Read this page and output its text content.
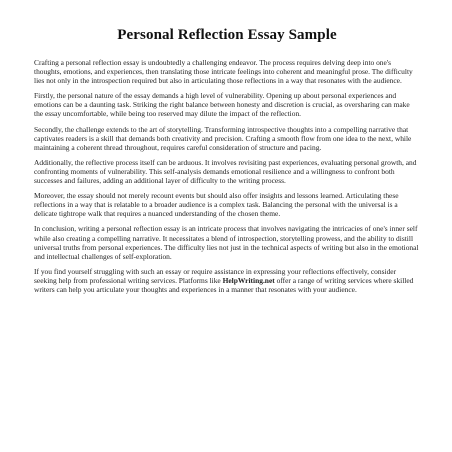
Personal Reflection Essay Sample

Crafting a personal reflection essay is undoubtedly a challenging endeavor. The process requires delving deep into one's thoughts, emotions, and experiences, then translating those intricate feelings into coherent and meaningful prose. The difficulty lies not only in the introspection required but also in articulating those reflections in a way that resonates with the audience.

Firstly, the personal nature of the essay demands a high level of vulnerability. Opening up about personal experiences and emotions can be a daunting task. Striking the right balance between honesty and discretion is crucial, as oversharing can make the essay uncomfortable, while being too reserved may dilute the impact of the reflection.

Secondly, the challenge extends to the art of storytelling. Transforming introspective thoughts into a compelling narrative that captivates readers is a skill that demands both creativity and precision. Crafting a smooth flow from one idea to the next, while maintaining a coherent thread throughout, requires careful consideration of structure and pacing.

Additionally, the reflective process itself can be arduous. It involves revisiting past experiences, evaluating personal growth, and confronting moments of vulnerability. This self-analysis demands emotional resilience and a willingness to confront both successes and failures, adding an additional layer of difficulty to the writing process.

Moreover, the essay should not merely recount events but should also offer insights and lessons learned. Articulating these reflections in a way that is relatable to a broader audience is a complex task. Balancing the personal with the universal is a delicate tightrope walk that requires a nuanced understanding of the chosen theme.

In conclusion, writing a personal reflection essay is an intricate process that involves navigating the intricacies of one's inner self while also creating a compelling narrative. It necessitates a blend of introspection, storytelling prowess, and the ability to distill universal truths from personal experiences. The difficulty lies not just in the technical aspects of writing but also in the emotional and intellectual challenges of self-exploration.

If you find yourself struggling with such an essay or require assistance in expressing your reflections effectively, consider seeking help from professional writing services. Platforms like HelpWriting.net offer a range of writing services where skilled writers can help you articulate your thoughts and experiences in a manner that resonates with your audience.
